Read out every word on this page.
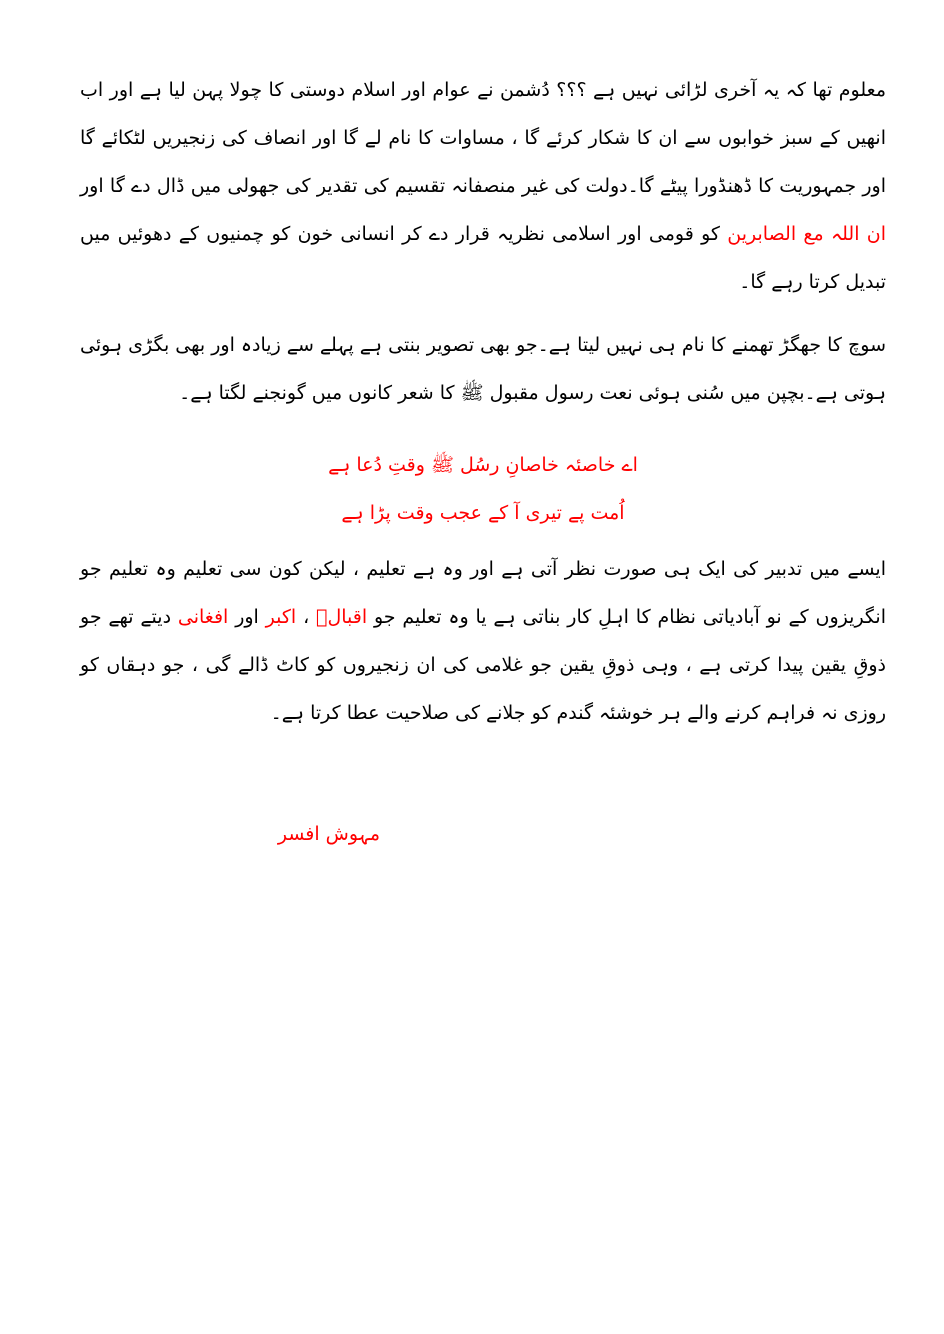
معلوم تھا کہ یہ آخری لڑائی نہیں ہے ؟؟؟ دُشمن نے عوام اور اسلام دوستی کا چولا پہن لیا ہے اور اب انھیں کے سبز خوابوں سے ان کا شکار کرئے گا ، مساوات کا نام لے گا اور انصاف کی زنجیریں لٹکائے گا اور جمہوریت کا ڈھنڈورا پیٹے گا۔دولت کی غیر منصفانہ تقسیم کی تقدیر کی جھولی میں ڈال دے گا اور ان اللہ مع الصابرین کو قومی اور اسلامی نظریہ قرار دے کر انسانی خون کو چمنیوں کے دھوئیں میں تبدیل کرتا رہے گا۔

سوچ کا جھگڑ تھمنے کا نام ہی نہیں لیتا ہے۔جو بھی تصویر بنتی ہے پہلے سے زیادہ اور بھی بگڑی ہوئی ہوتی ہے۔بچپن میں سُنی ہوئی نعت رسول مقبول ﷺ کا شعر کانوں میں گونجنے لگتا ہے۔

اے خاصئہ خاصانِ رسُل ﷺ وقتِ دُعا ہے
اُمت پے تیری آ کے عجب وقت پڑا ہے

ایسے میں تدبیر کی ایک ہی صورت نظر آتی ہے اور وہ ہے تعلیم ، لیکن کون سی تعلیم وہ تعلیم جو انگریزوں کے نو آبادیاتی نظام کا اہلِ کار بناتی ہے یا وہ تعلیم جو اقبالؔ ، اکبر اور افغانی دیتے تھے جو ذوقِ یقین پیدا کرتی ہے ، وہی ذوقِ یقین جو غلامی کی ان زنجیروں کو کاٹ ڈالے گی ، جو دہقاں کو روزی نہ فراہم کرنے والے ہر خوشئہ گندم کو جلانے کی صلاحیت عطا کرتا ہے۔

مہوش افسر
